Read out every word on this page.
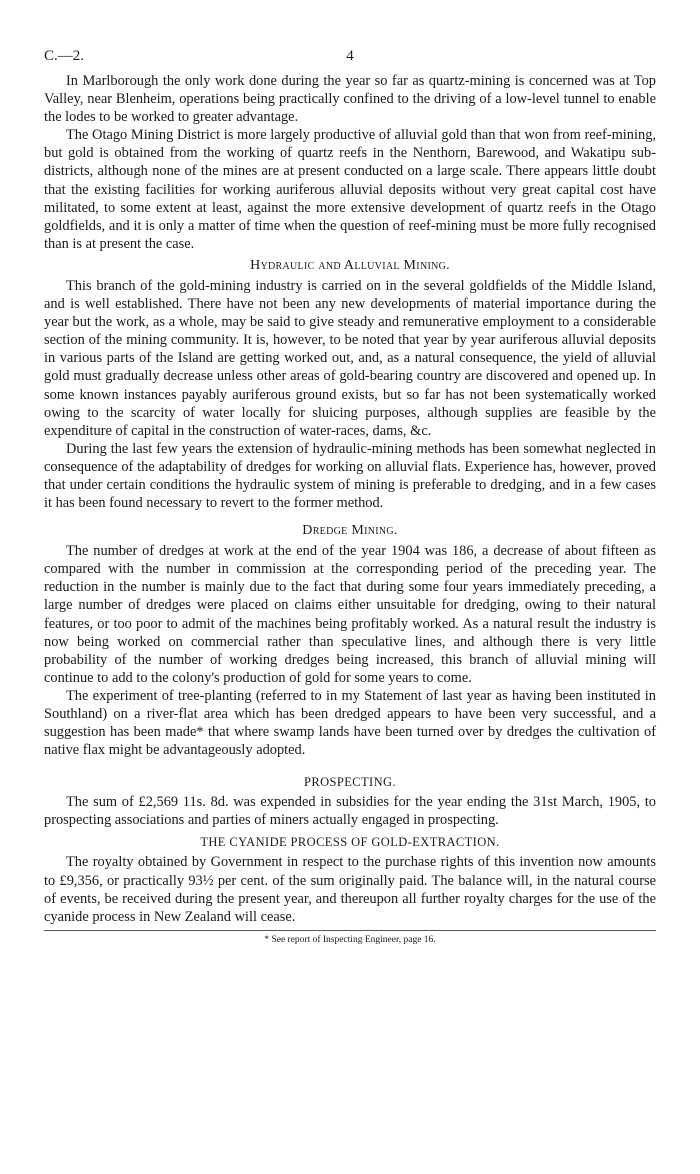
C.—2.	4

In Marlborough the only work done during the year so far as quartz-mining is concerned was at Top Valley, near Blenheim, operations being practically confined to the driving of a low-level tunnel to enable the lodes to be worked to greater advantage.

The Otago Mining District is more largely productive of alluvial gold than that won from reef-mining, but gold is obtained from the working of quartz reefs in the Nenthorn, Barewood, and Wakatipu sub-districts, although none of the mines are at present conducted on a large scale. There appears little doubt that the existing facilities for working auriferous alluvial deposits without very great capital cost have militated, to some extent at least, against the more extensive development of quartz reefs in the Otago goldfields, and it is only a matter of time when the question of reef-mining must be more fully recognised than is at present the case.

Hydraulic and Alluvial Mining.

This branch of the gold-mining industry is carried on in the several goldfields of the Middle Island, and is well established. There have not been any new developments of material importance during the year but the work, as a whole, may be said to give steady and remunerative employment to a considerable section of the mining community. It is, however, to be noted that year by year auriferous alluvial deposits in various parts of the Island are getting worked out, and, as a natural consequence, the yield of alluvial gold must gradually decrease unless other areas of gold-bearing country are discovered and opened up. In some known instances payably auriferous ground exists, but so far has not been systematically worked owing to the scarcity of water locally for sluicing purposes, although supplies are feasible by the expenditure of capital in the construction of water-races, dams, &c.

During the last few years the extension of hydraulic-mining methods has been somewhat neglected in consequence of the adaptability of dredges for working on alluvial flats. Experience has, however, proved that under certain conditions the hydraulic system of mining is preferable to dredging, and in a few cases it has been found necessary to revert to the former method.

Dredge Mining.

The number of dredges at work at the end of the year 1904 was 186, a decrease of about fifteen as compared with the number in commission at the corresponding period of the preceding year. The reduction in the number is mainly due to the fact that during some four years immediately preceding, a large number of dredges were placed on claims either unsuitable for dredging, owing to their natural features, or too poor to admit of the machines being profitably worked. As a natural result the industry is now being worked on commercial rather than speculative lines, and although there is very little probability of the number of working dredges being increased, this branch of alluvial mining will continue to add to the colony's production of gold for some years to come.

The experiment of tree-planting (referred to in my Statement of last year as having been instituted in Southland) on a river-flat area which has been dredged appears to have been very successful, and a suggestion has been made* that where swamp lands have been turned over by dredges the cultivation of native flax might be advantageously adopted.

PROSPECTING.

The sum of £2,569 11s. 8d. was expended in subsidies for the year ending the 31st March, 1905, to prospecting associations and parties of miners actually engaged in prospecting.

THE CYANIDE PROCESS OF GOLD-EXTRACTION.

The royalty obtained by Government in respect to the purchase rights of this invention now amounts to £9,356, or practically 93½ per cent. of the sum originally paid. The balance will, in the natural course of events, be received during the present year, and thereupon all further royalty charges for the use of the cyanide process in New Zealand will cease.

* See report of Inspecting Engineer, page 16.
